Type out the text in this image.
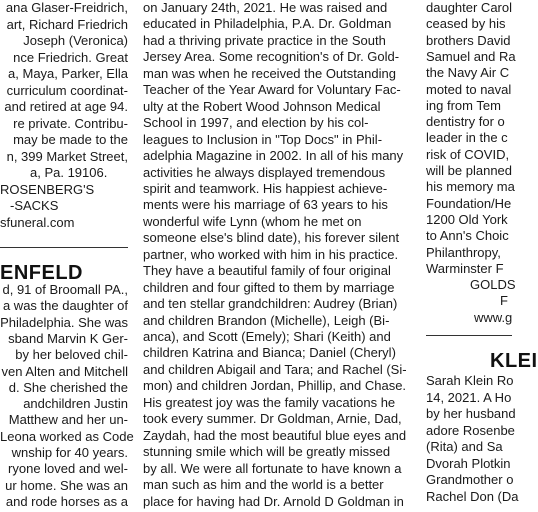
ana Glaser-Freidrich,
art, Richard Friedrich
Joseph (Veronica)
nce Friedrich. Great
a, Maya, Parker, Ella
curriculum coordinat-
and retired at age 94.
re private. Contribu-
may be made to the
n, 399 Market Street,
a, Pa. 19106.
ROSENBERG'S
-SACKS
sfuneral.com
ENFELD
d, 91 of Broomall PA.,
a was the daughter of
Philadelphia. She was
sband Marvin K Ger-
by her beloved chil-
ven Alten and Mitchell
d. She cherished the
andchildren Justin
Matthew and her un-
Leona worked as Code
wnship for 40 years.
ryone loved and wel-
ur home. She was an
and rode horses as a
on January 24th, 2021. He was raised and
educated in Philadelphia, P.A. Dr. Goldman
had a thriving private practice in the South
Jersey Area. Some recognition's of Dr. Gold-
man was when he received the Outstanding
Teacher of the Year Award for Voluntary Fac-
ulty at the Robert Wood Johnson Medical
School in 1997, and election by his col-
leagues to Inclusion in "Top Docs" in Phil-
adelphia Magazine in 2002. In all of his many
activities he always displayed tremendous
spirit and teamwork. His happiest achieve-
ments were his marriage of 63 years to his
wonderful wife Lynn (whom he met on
someone else's blind date), his forever silent
partner, who worked with him in his practice.
They have a beautiful family of four original
children and four gifted to them by marriage
and ten stellar grandchildren: Audrey (Brian)
and children Brandon (Michelle), Leigh (Bi-
anca), and Scott (Emely); Shari (Keith) and
children Katrina and Bianca; Daniel (Cheryl)
and children Abigail and Tara; and Rachel (Si-
mon) and children Jordan, Phillip, and Chase.
His greatest joy was the family vacations he
took every summer. Dr Goldman, Arnie, Dad,
Zaydah, had the most beautiful blue eyes and
stunning smile which will be greatly missed
by all. We were all fortunate to have known a
man such as him and the world is a better
place for having had Dr. Arnold D Goldman in
daughter Carol
ceased by his
brothers David
Samuel and Ra
the Navy Air C
moted to naval
ing from Tem
dentistry for o
leader in the c
risk of COVID,
will be planned
his memory ma
Foundation/He
1200 Old York
to Ann's Choic
Philanthropy,
Warminster F
GOLDS
F
www.g
KLEI
Sarah Klein Ro
14, 2021. A Ho
by her husband
adore Rosenbe
(Rita) and Sa
Dvorah Plotkin
Grandmother o
Rachel Don (Da
